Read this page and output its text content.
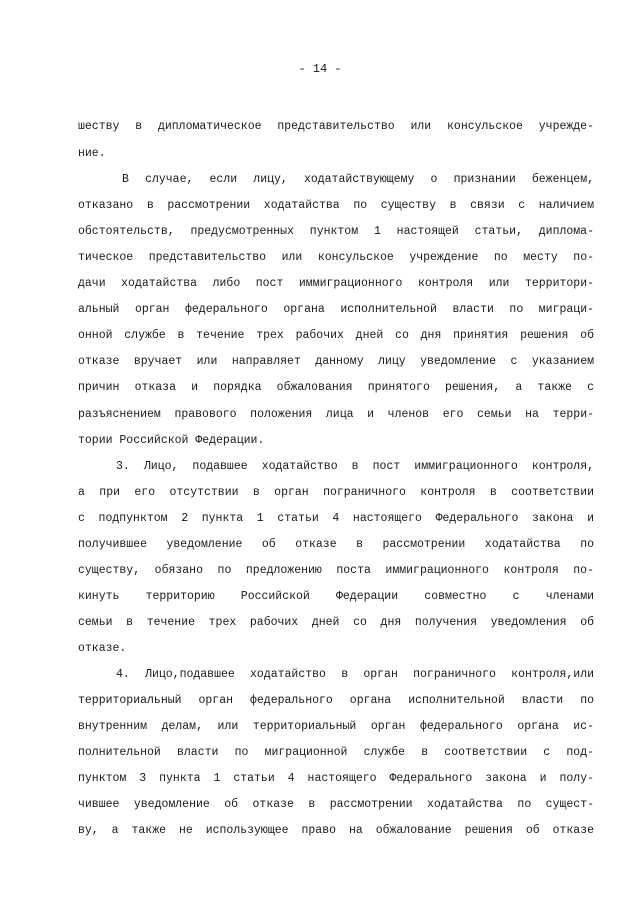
- 14 -
шеству в дипломатическое представительство или консульское учрежде-
ние.
В случае, если лицу, ходатайствующему о признании беженцем,
отказано в рассмотрении ходатайства по существу в связи с наличием
обстоятельств, предусмотренных пунктом 1 настоящей статьи, диплома-
тическое представительство или консульское учреждение по месту по-
дачи ходатайства либо пост иммиграционного контроля или территори-
альный орган федерального органа исполнительной власти по миграци-
онной службе в течение трех рабочих дней со дня принятия решения об
отказе вручает или направляет данному лицу уведомление с указанием
причин отказа и порядка обжалования принятого решения, а также с
разъяснением правового положения лица и членов его семьи на терри-
тории Российской Федерации.
3. Лицо, подавшее ходатайство в пост иммиграционного контроля,
а при его отсутствии в орган пограничного контроля в соответствии
с подпунктом 2 пункта 1 статьи 4 настоящего Федерального закона и
получившее уведомление об отказе в рассмотрении ходатайства по
существу, обязано по предложению поста иммиграционного контроля по-
кинуть территорию Российской Федерации совместно с членами
семьи в течение трех рабочих дней со дня получения уведомления об
отказе.
4. Лицо,подавшее ходатайство в орган пограничного контроля,или
территориальный орган федерального органа исполнительной власти по
внутренним делам, или территориальный орган федерального органа ис-
полнительной власти по миграционной службе в соответствии с под-
пунктом 3 пункта 1 статьи 4 настоящего Федерального закона и полу-
чившее уведомление об отказе в рассмотрении ходатайства по сущест-
ву, а также не использующее право на обжалование решения об отказе
